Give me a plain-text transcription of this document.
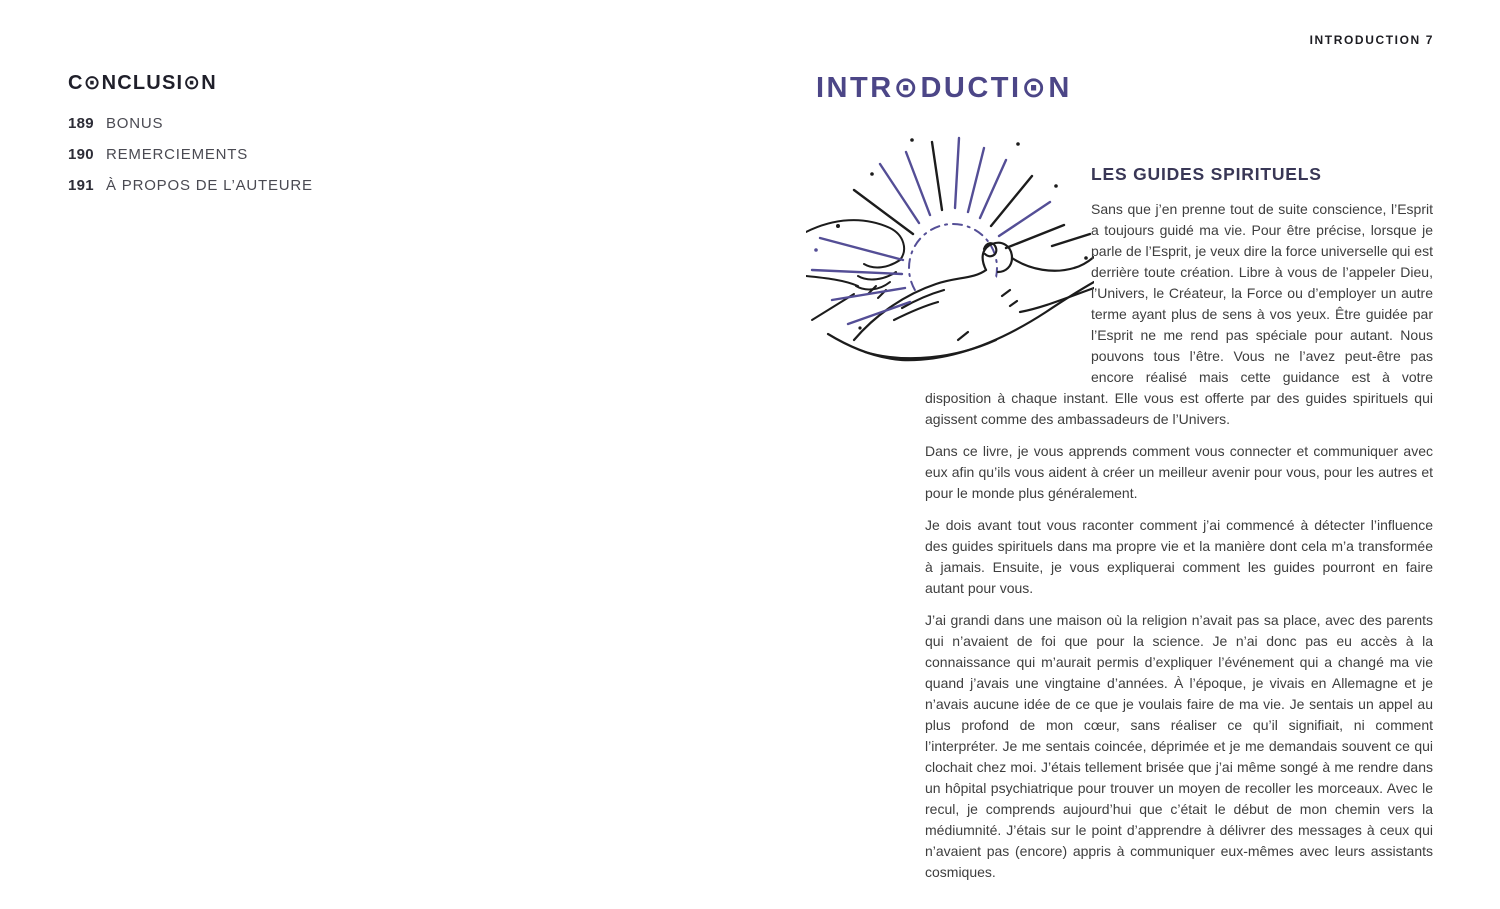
INTRODUCTION 7
C⊙NCLUSI⊙N
189 BONUS
190 REMERCIEMENTS
191 À PROPOS DE L’AUTEURE
INTR⊙DUCTI⊙N
LES GUIDES SPIRITUELS

Sans que j’en prenne tout de suite conscience, l’Esprit a toujours guidé ma vie. Pour être précise, lorsque je parle de l’Esprit, je veux dire la force universelle qui est derrière toute création. Libre à vous de l’appeler Dieu, l’Univers, le Créateur, la Force ou d’employer un autre terme ayant plus de sens à vos yeux. Être guidée par l’Esprit ne me rend pas spéciale pour autant. Nous pouvons tous l’être. Vous ne l’avez peut-être pas encore réalisé mais cette guidance est à votre disposition à chaque instant. Elle vous est offerte par des guides spirituels qui agissent comme des ambassadeurs de l’Univers.

Dans ce livre, je vous apprends comment vous connecter et communiquer avec eux afin qu’ils vous aident à créer un meilleur avenir pour vous, pour les autres et pour le monde plus généralement.

Je dois avant tout vous raconter comment j’ai commencé à détecter l’influence des guides spirituels dans ma propre vie et la manière dont cela m’a transformée à jamais. Ensuite, je vous expliquerai comment les guides pourront en faire autant pour vous.

J’ai grandi dans une maison où la religion n’avait pas sa place, avec des parents qui n’avaient de foi que pour la science. Je n’ai donc pas eu accès à la connaissance qui m’aurait permis d’expliquer l’événement qui a changé ma vie quand j’avais une vingtaine d’années. À l’époque, je vivais en Allemagne et je n’avais aucune idée de ce que je voulais faire de ma vie. Je sentais un appel au plus profond de mon cœur, sans réaliser ce qu’il signifiait, ni comment l’interpréter. Je me sentais coincée, déprimée et je me demandais souvent ce qui clochait chez moi. J’étais tellement brisée que j’ai même songé à me rendre dans un hôpital psychiatrique pour trouver un moyen de recoller les morceaux. Avec le recul, je comprends aujourd’hui que c’était le début de mon chemin vers la médiumnité. J’étais sur le point d’apprendre à délivrer des messages à ceux qui n’avaient pas (encore) appris à communiquer eux-mêmes avec leurs assistants cosmiques.
